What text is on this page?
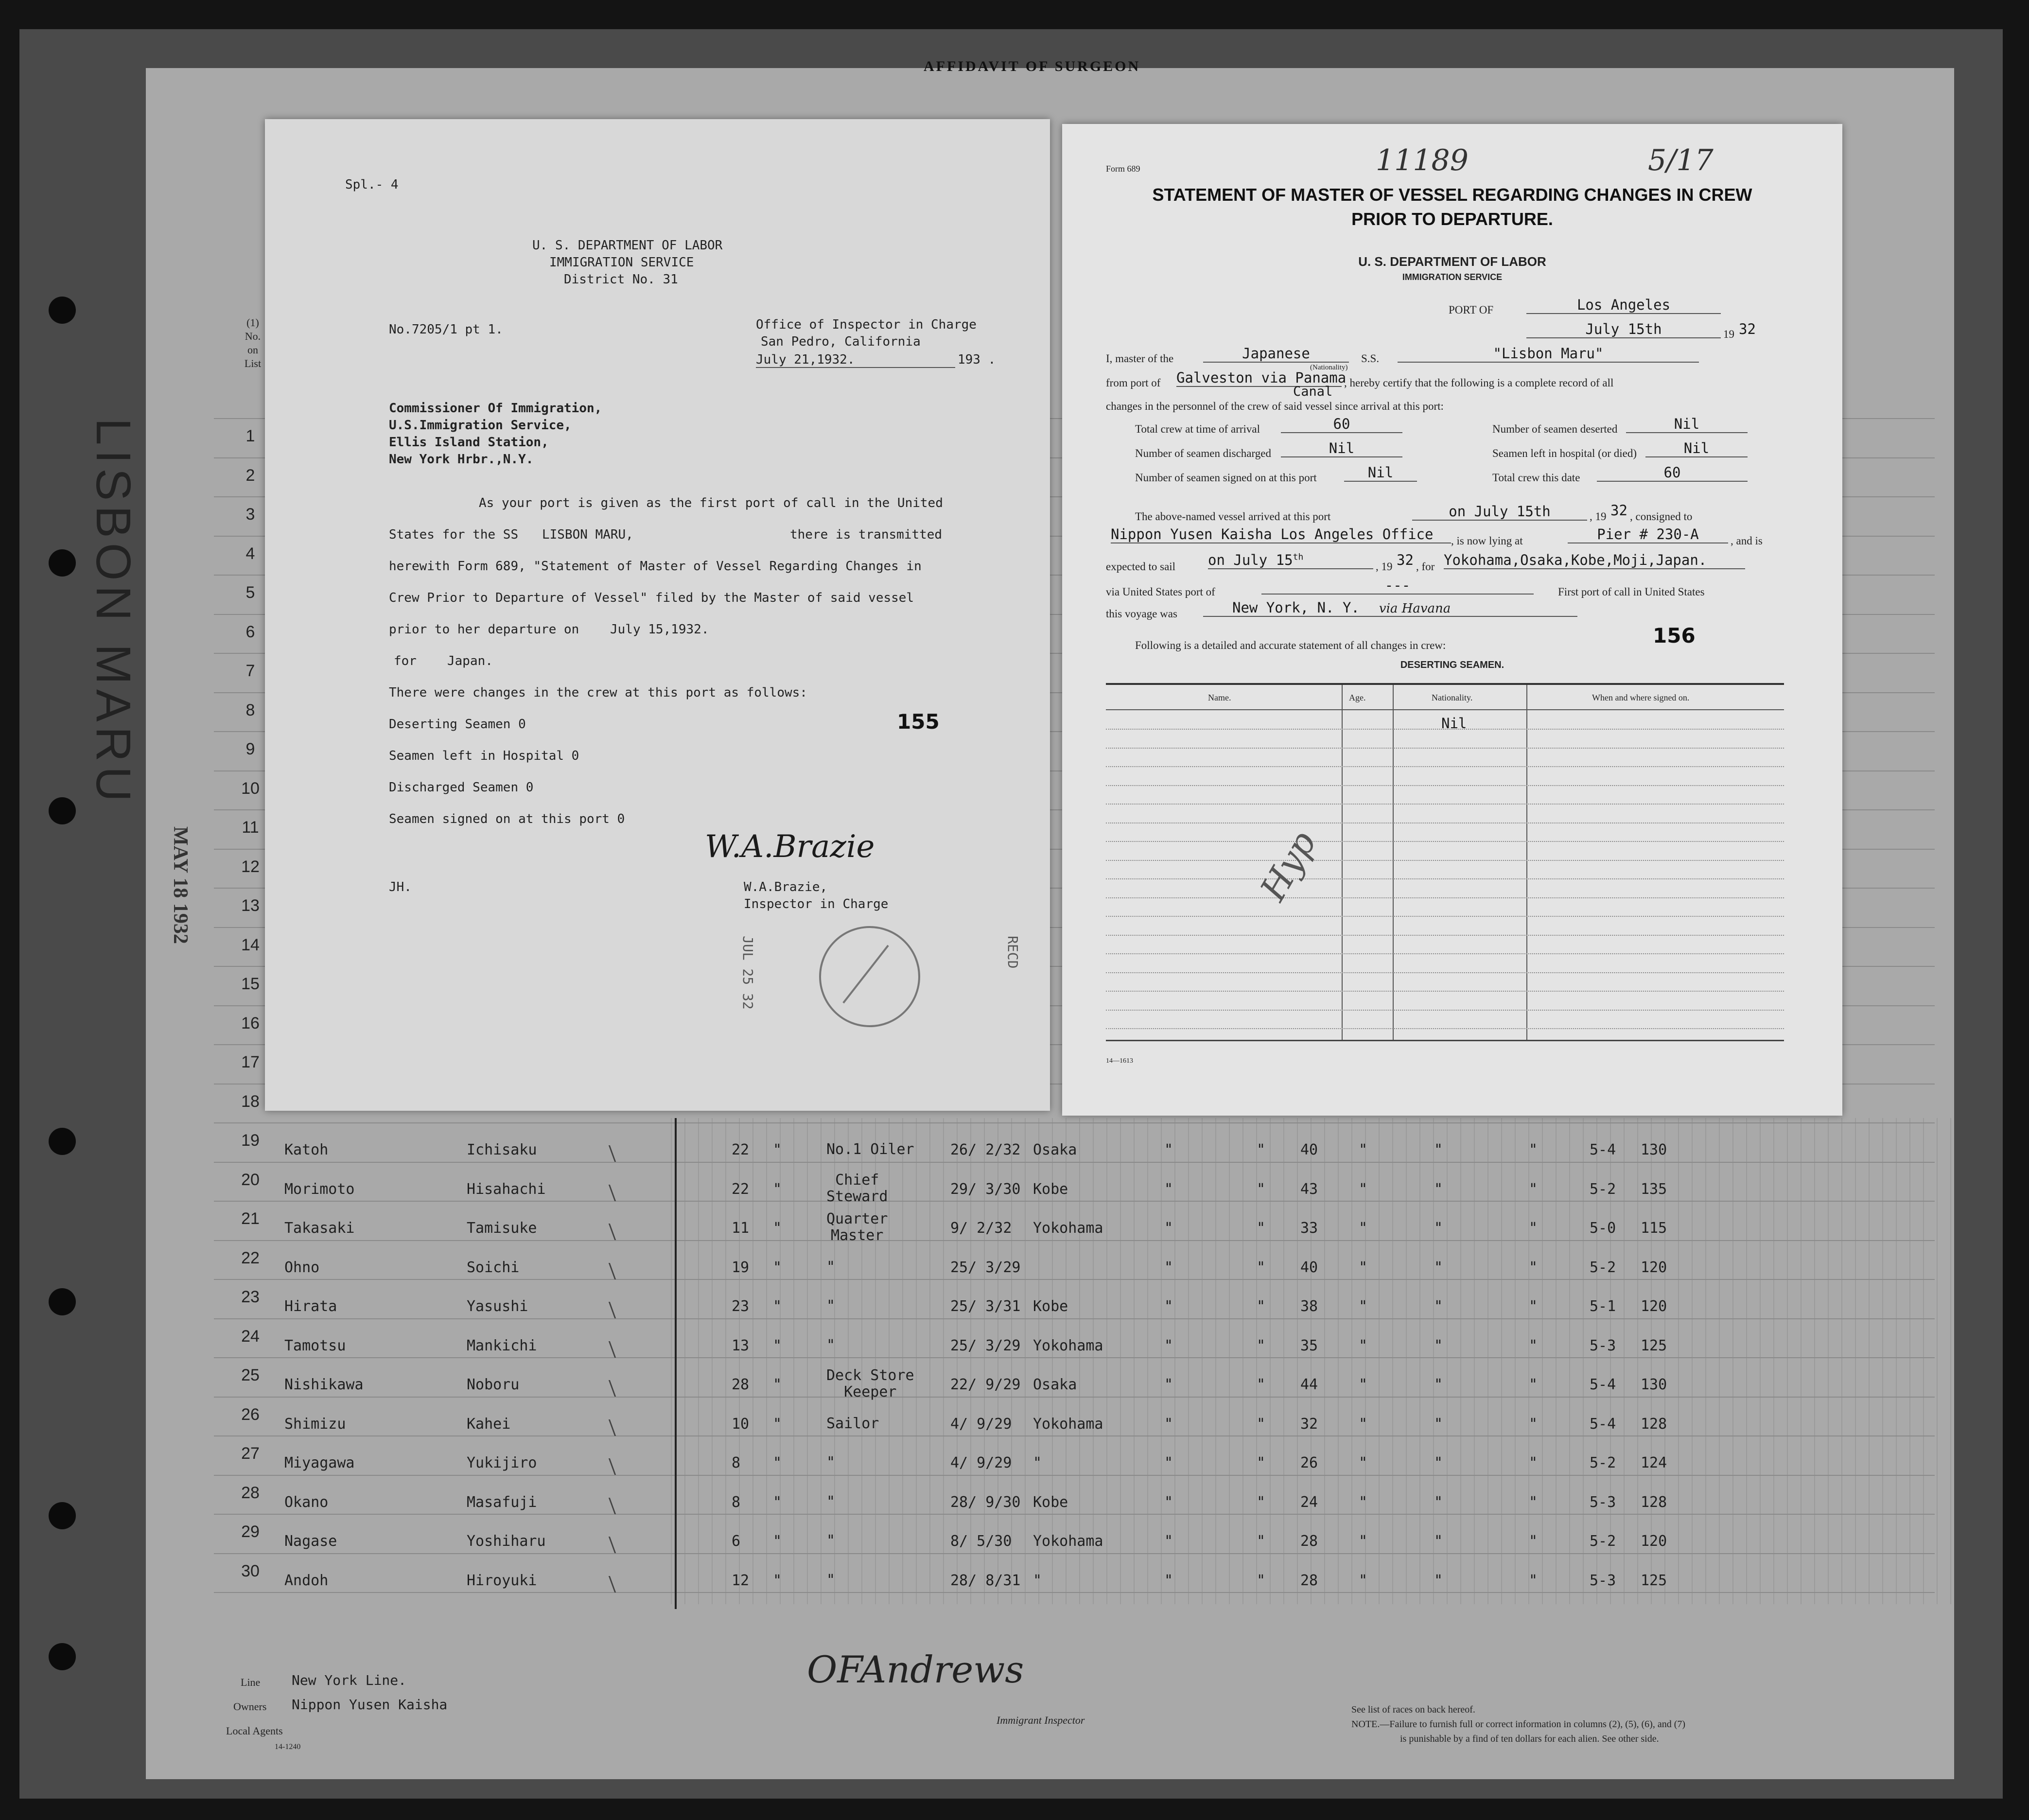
AFFIDAVIT OF SURGEON
LISBON MARU
MAY 18 1932
(1)
No.
on
List
1
2
3
4
5
6
7
8
9
10
11
12
13
14
15
16
17
18
19
20
21
22
23
24
25
26
27
28
29
30
Katoh	Ichisaku	22 "	26/ 2/32 Osaka	"	" 40	"	"	"	5-4 130
No.1 Oiler
Morimoto	Hisahachi	22 "	29/ 3/30 Kobe	"	" 43	"	"	"	5-2 135
Chief
Steward
Takasaki	Tamisuke	11 "	9/ 2/32 Yokohama	"	" 33	"	"	"	5-0 115
Quarter
Master
Ohno	Soichi	19 "	25/ 3/29	"	" 40	"	"	"	5-2 120
"
Hirata	Yasushi	23 "	25/ 3/31 Kobe	"	" 38	"	"	"	5-1 120
"
Tamotsu	Mankichi	13 "	25/ 3/29 Yokohama	"	" 35	"	"	"	5-3 125
"
Nishikawa	Noboru	28 "	22/ 9/29 Osaka	"	" 44	"	"	"	5-4 130
Deck Store
Keeper
Shimizu	Kahei	10 "	4/ 9/29 Yokohama	"	" 32	"	"	"	5-4 128
Sailor
Miyagawa	Yukijiro	8 "	4/ 9/29 "	"	" 26	"	"	"	5-2 124
"
Okano	Masafuji	8 "	28/ 9/30 Kobe	"	" 24	"	"	"	5-3 128
"
Nagase	Yoshiharu	6 "	8/ 5/30 Yokohama	"	" 28	"	"	"	5-2 120
"
Andoh	Hiroyuki	12 "	28/ 8/31 "	"	" 28	"	"	"	5-3 125
"
Line New York Line.
Owners Nippon Yusen Kaisha
Local Agents
14-1240
OFAndrews
Immigrant Inspector
See list of races on back hereof.
NOTE.—Failure to furnish full or correct information in columns (2), (5), (6), and (7)
is punishable by a find of ten dollars for each alien. See other side.
Spl.- 4
U. S. DEPARTMENT OF LABOR
IMMIGRATION SERVICE
District No. 31
No.7205/1 pt 1.	Office of Inspector in Charge
San Pedro, California
July 21,1932.	193 .
Commissioner Of Immigration,
U.S.Immigration Service,
Ellis Island Station,
New York Hrbr.,N.Y.
As your port is given as the first port of call in the United
States for the SS LISBON MARU,	there is transmitted
herewith Form 689, "Statement of Master of Vessel Regarding Changes in
Crew Prior to Departure of Vessel" filed by the Master of said vessel
prior to her departure on July 15,1932.
for Japan.
There were changes in the crew at this port as follows:
Deserting Seamen 0
Seamen left in Hospital 0
Discharged Seamen 0
Seamen signed on at this port 0
155
W.A.Brazie
W.A.Brazie,
Inspector in Charge
JH.
JUL 25 32	RECD
Form 689	11189	5/17
STATEMENT OF MASTER OF VESSEL REGARDING CHANGES IN CREW
PRIOR TO DEPARTURE.
U. S. DEPARTMENT OF LABOR
IMMIGRATION SERVICE
PORT OF	Los Angeles
July 15th	19 32
I, master of the	Japanese
(Nationality)
S.S.	"Lisbon Maru"
from port of Galveston via Panama
Canal
, hereby certify that the following is a complete record of all
changes in the personnel of the crew of said vessel since arrival at this port:
Total crew at time of arrival	60	Number of seamen deserted	Nil
Number of seamen discharged	Nil	Seamen left in hospital (or died)	Nil
Number of seamen signed on at this port	Nil	Total crew this date	60
The above-named vessel arrived at this port	on July 15th	, 19 32 , consigned to
Nippon Yusen Kaisha Los Angeles Office	, is now lying at	Pier # 230-A	, and is
expected to sail on July 15th
, 19 32 , for Yokohama,Osaka,Kobe,Moji,Japan.
via United States port of	---	First port of call in United States
this voyage was	New York, N. Y. via Havana
Following is a detailed and accurate statement of all changes in crew:	156
DESERTING SEAMEN.
Name.	Age.	Nationality.	When and where signed on.
Nil
Hyp
14—1613
